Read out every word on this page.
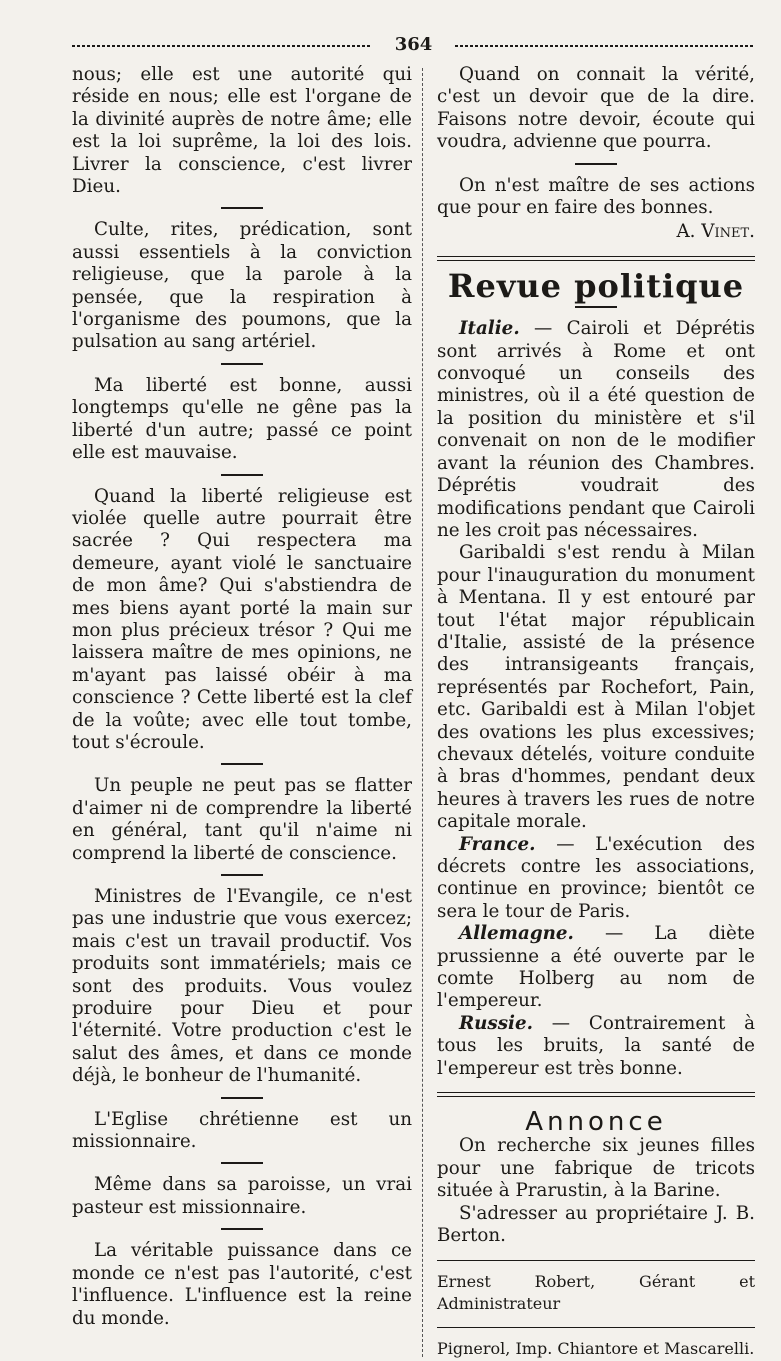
364

nous; elle est une autorité qui réside en nous; elle est l'organe de la divinité auprès de notre âme; elle est la loi suprême, la loi des lois. Livrer la conscience, c'est livrer Dieu.

Culte, rites, prédication, sont aussi essentiels à la conviction religieuse, que la parole à la pensée, que la respiration à l'organisme des poumons, que la pulsation au sang artériel.

Ma liberté est bonne, aussi longtemps qu'elle ne gêne pas la liberté d'un autre; passé ce point elle est mauvaise.

Quand la liberté religieuse est violée quelle autre pourrait être sacrée ? Qui respectera ma demeure, ayant violé le sanctuaire de mon âme? Qui s'abstiendra de mes biens ayant porté la main sur mon plus précieux trésor ? Qui me laissera maître de mes opinions, ne m'ayant pas laissé obéir à ma conscience ? Cette liberté est la clef de la voûte; avec elle tout tombe, tout s'écroule.

Un peuple ne peut pas se flatter d'aimer ni de comprendre la liberté en général, tant qu'il n'aime ni comprend la liberté de conscience.

Ministres de l'Evangile, ce n'est pas une industrie que vous exercez; mais c'est un travail productif. Vos produits sont immatériels; mais ce sont des produits. Vous voulez produire pour Dieu et pour l'éternité. Votre production c'est le salut des âmes, et dans ce monde déjà, le bonheur de l'humanité.

L'Eglise chrétienne est un missionnaire.

Même dans sa paroisse, un vrai pasteur est missionnaire.

La véritable puissance dans ce monde ce n'est pas l'autorité, c'est l'influence. L'influence est la reine du monde.

Quand on connait la vérité, c'est un devoir que de la dire. Faisons notre devoir, écoute qui voudra, advienne que pourra.

On n'est maître de ses actions que pour en faire des bonnes.

A. Vinet.
Revue politique

Italie. — Cairoli et Déprétis sont arrivés à Rome et ont convoqué un conseils des ministres, où il a été question de la position du ministère et s'il convenait on non de le modifier avant la réunion des Chambres. Déprétis voudrait des modifications pendant que Cairoli ne les croit pas nécessaires.

Garibaldi s'est rendu à Milan pour l'inauguration du monument à Mentana. Il y est entouré par tout l'état major républicain d'Italie, assisté de la présence des intransigeants français, représentés par Rochefort, Pain, etc. Garibaldi est à Milan l'objet des ovations les plus excessives; chevaux dételés, voiture conduite à bras d'hommes, pendant deux heures à travers les rues de notre capitale morale.

France. — L'exécution des décrets contre les associations, continue en province; bientôt ce sera le tour de Paris.

Allemagne. — La diète prussienne a été ouverte par le comte Holberg au nom de l'empereur.

Russie. — Contrairement à tous les bruits, la santé de l'empereur est très bonne.

Annonce

On recherche six jeunes filles pour une fabrique de tricots située à Prarustin, à la Barine.

S'adresser au propriétaire J. B. Berton.

Ernest Robert, Gérant et Administrateur

Pignerol, Imp. Chiantore et Mascarelli.
